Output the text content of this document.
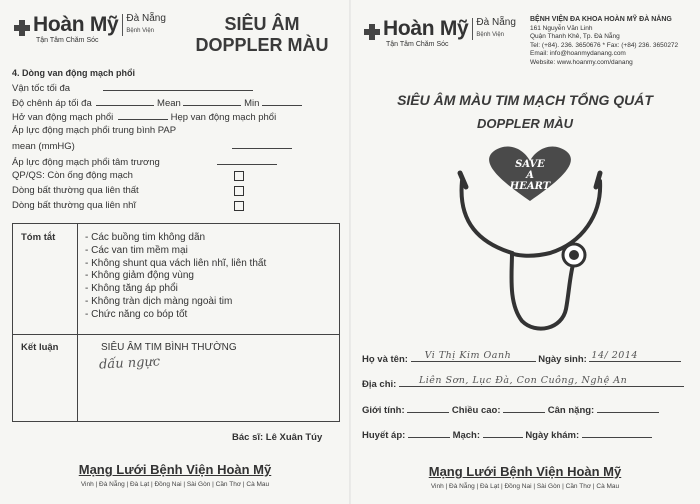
Hoàn Mỹ Đà Nẵng
Bệnh Viện
Tận Tâm Chăm Sóc
SIÊU ÂM
DOPPLER MÀU
4. Dòng van động mạch phổi
Vận tốc tối đa
Độ chênh áp tối đa	Mean	Min
Hở van động mạch phổi	Hẹp van động mạch phổi
Áp lực động mạch phổi trung bình PAP
mean (mmHG)
Áp lực động mạch phổi tâm trương
QP/QS: Còn ống động mạch
Dòng bất thường qua liên thất
Dòng bất thường qua liên nhĩ
Tóm tắt
-	Các buồng tim không dãn
- Các van tim mềm mại
- Không shunt qua vách liên nhĩ, liên thất
- Không giảm động vùng
- Không tăng áp phổi
- Không tràn dịch màng ngoài tim
- Chức năng co bóp tốt
Kết luận	SIÊU ÂM TIM BÌNH THƯỜNG
dấu ngực
Bác sĩ: Lê Xuân Túy
Mạng Lưới Bệnh Viện Hoàn Mỹ
Vinh | Đà Nẵng | Đà Lạt | Đồng Nai | Sài Gòn | Cần Thơ | Cà Mau
Hoàn Mỹ Đà Nẵng
Bệnh Viện
Tận Tâm Chăm Sóc
BỆNH VIỆN ĐA KHOA HOÀN MỸ ĐÀ NẴNG
161 Nguyễn Văn Linh
Quận Thanh Khê, Tp. Đà Nẵng
Tel: (+84). 236. 3650676 * Fax: (+84) 236. 3650272
Email: info@hoanmydanang.com
Website: www.hoanmy.com/danang
SIÊU ÂM MÀU TIM MẠCH TỔNG QUÁT
DOPPLER MÀU
SAVE
A
HEART
Họ và tên: Vi Thị Kim Oanh	Ngày sinh: 14/ 2014
Địa chỉ: Liên Sơn, Lục Đà, Con Cuông, Nghệ An
Giới tính:	Chiều cao:	Cân nặng:
Huyết áp:	Mạch:	Ngày khám:
Mạng Lưới Bệnh Viện Hoàn Mỹ
Vinh | Đà Nẵng | Đà Lạt | Đồng Nai | Sài Gòn | Cần Thơ | Cà Mau
